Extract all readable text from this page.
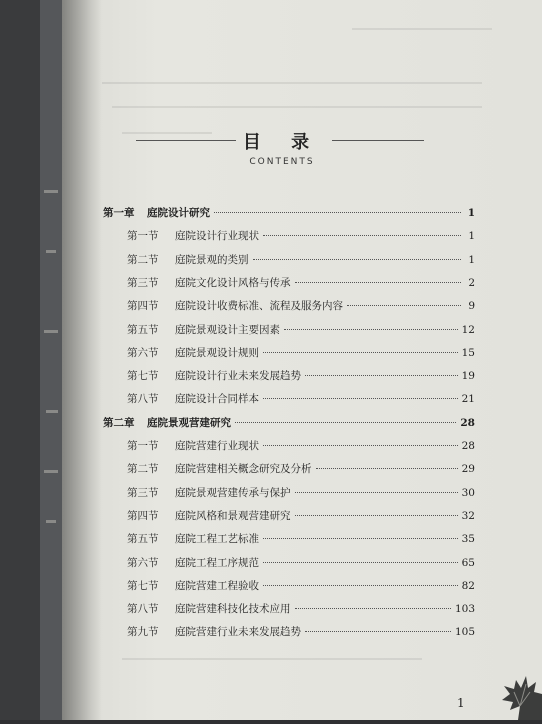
目 录
CONTENTS
第一章	庭院设计研究	1
第一节	庭院设计行业现状	1
第二节	庭院景观的类别	1
第三节	庭院文化设计风格与传承	2
第四节	庭院设计收费标准、流程及服务内容	9
第五节	庭院景观设计主要因素	12
第六节	庭院景观设计规则	15
第七节	庭院设计行业未来发展趋势	19
第八节	庭院设计合同样本	21
第二章	庭院景观营建研究	28
第一节	庭院营建行业现状	28
第二节	庭院营建相关概念研究及分析	29
第三节	庭院景观营建传承与保护	30
第四节	庭院风格和景观营建研究	32
第五节	庭院工程工艺标准	35
第六节	庭院工程工序规范	65
第七节	庭院营建工程验收	82
第八节	庭院营建科技化技术应用	103
第九节	庭院营建行业未来发展趋势	105
1
